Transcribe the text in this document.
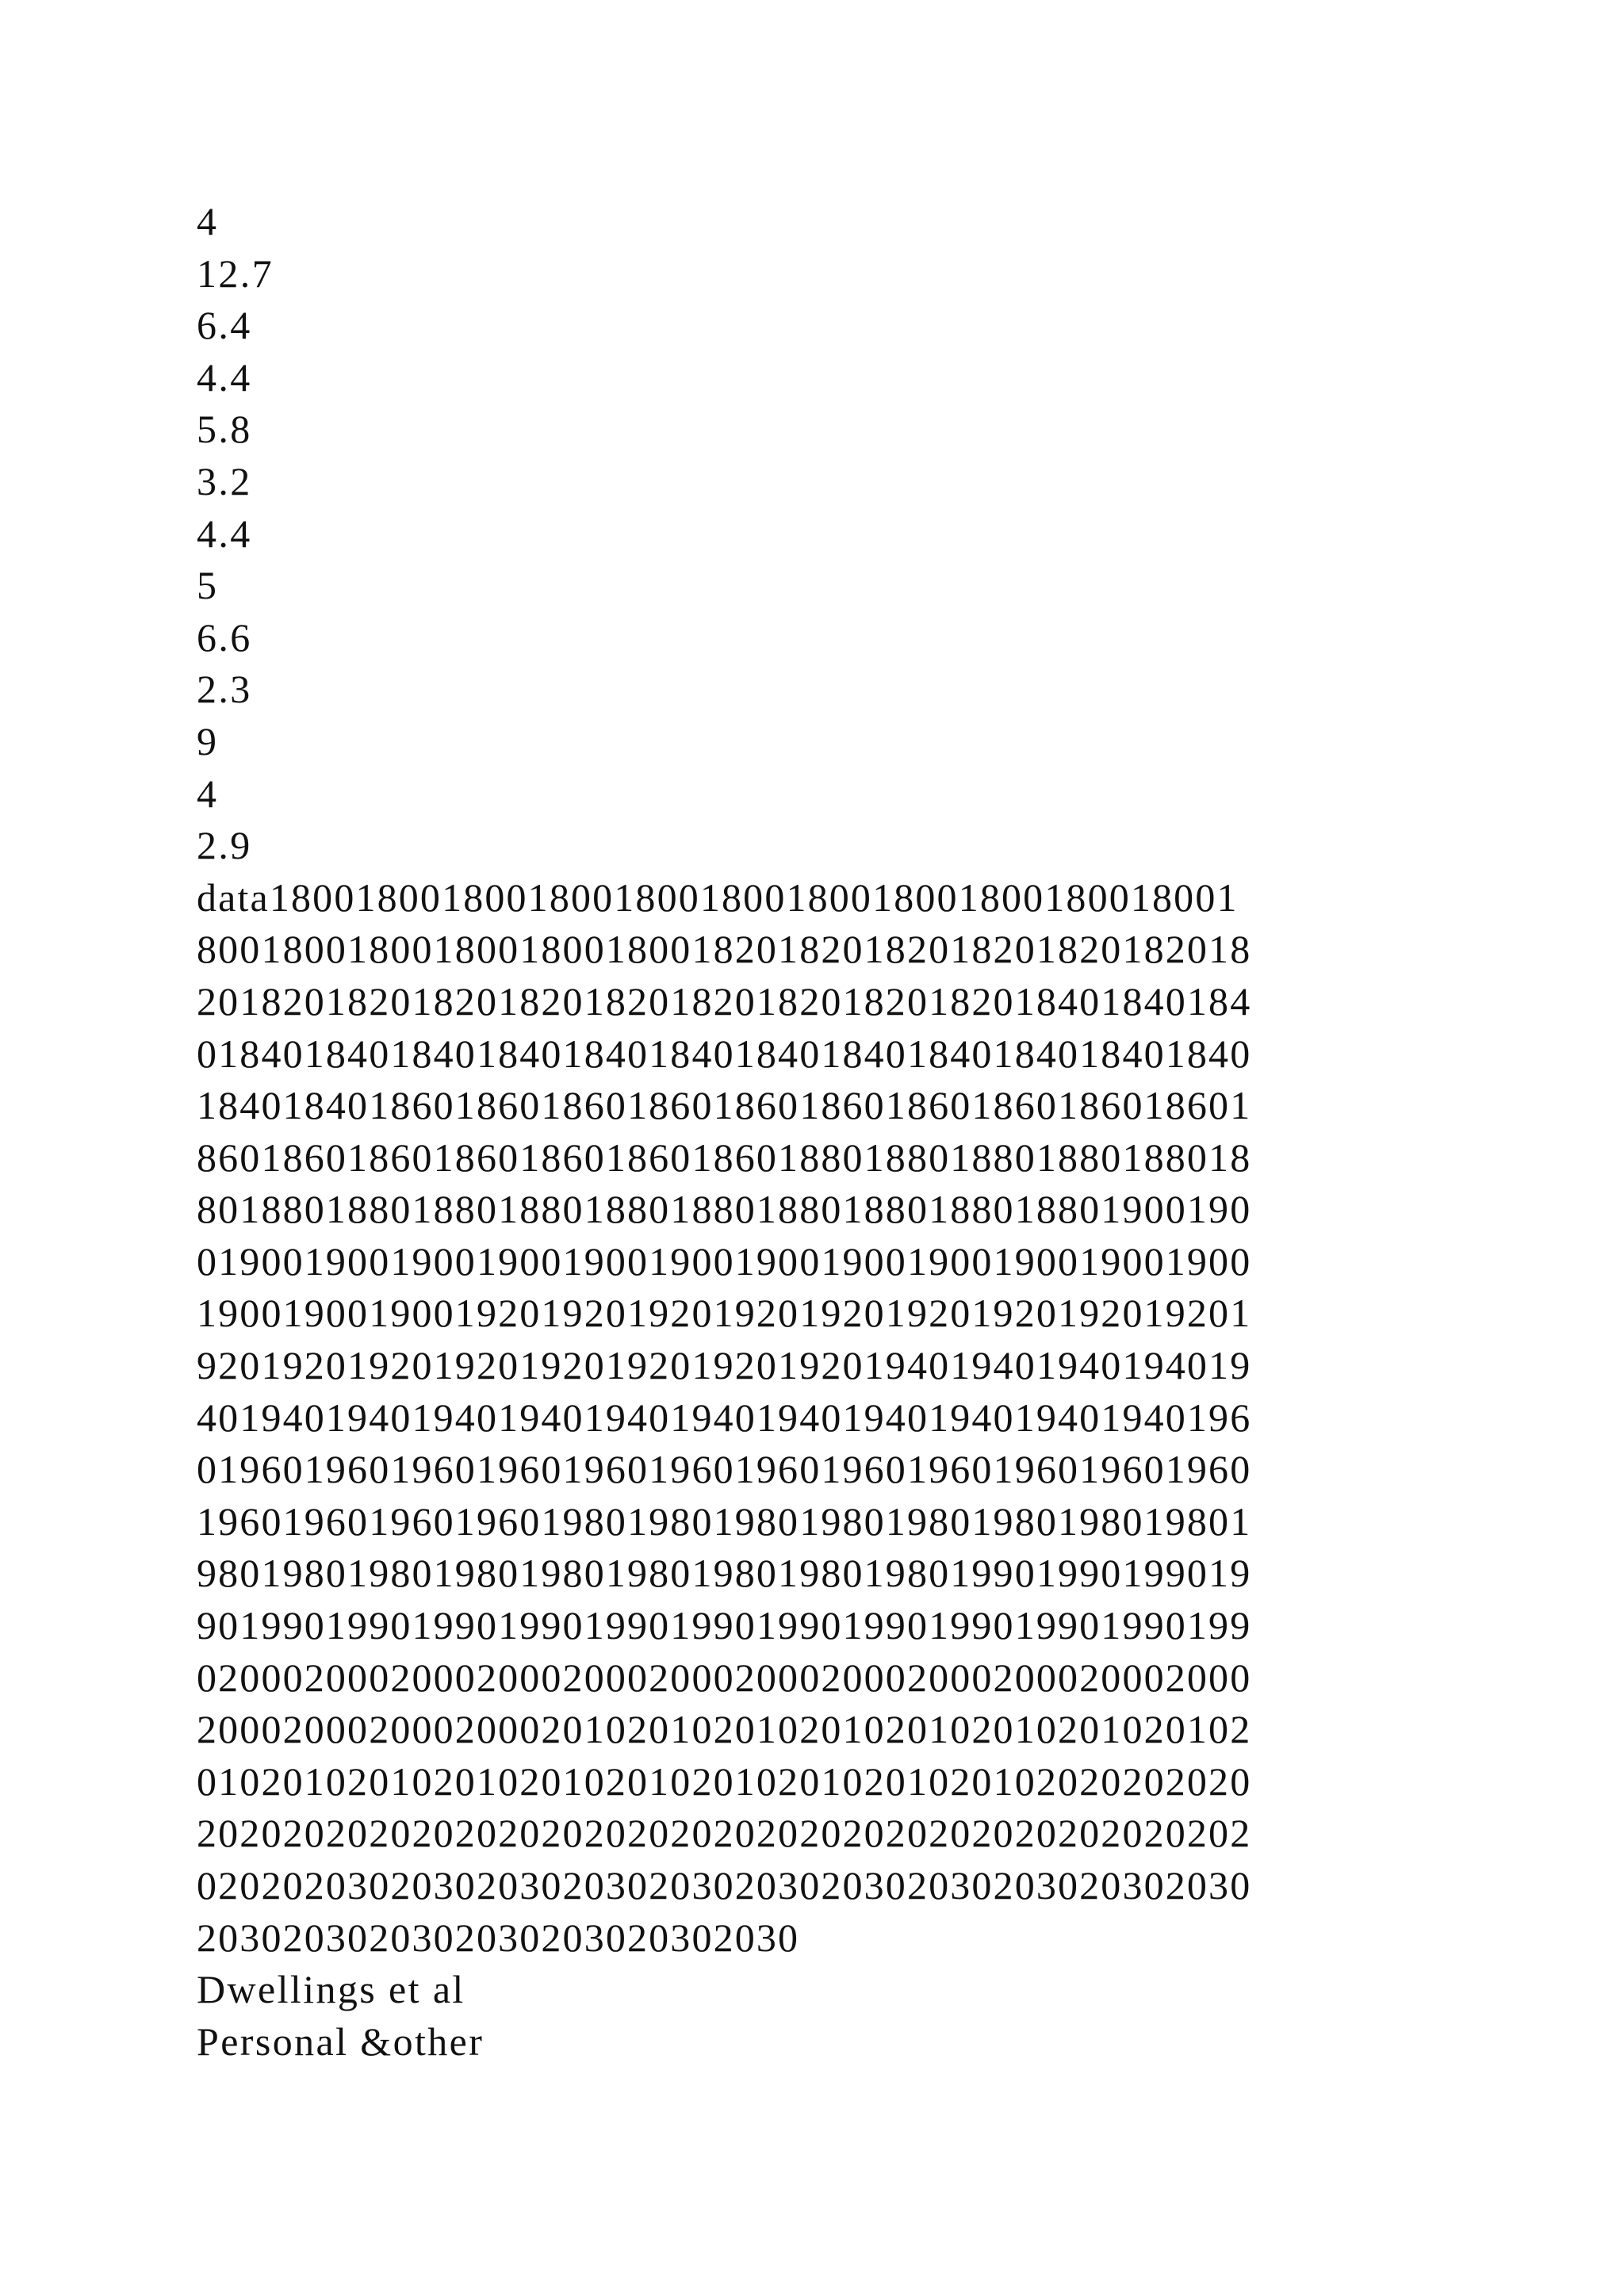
4
12.7
6.4
4.4
5.8
3.2
4.4
5
6.6
2.3
9
4
2.9
data180018001800180018001800180018001800180018001
8001800180018001800180018201820182018201820182018
2018201820182018201820182018201820182018401840184
0184018401840184018401840184018401840184018401840
1840184018601860186018601860186018601860186018601
8601860186018601860186018601880188018801880188018
8018801880188018801880188018801880188018801900190
0190019001900190019001900190019001900190019001900
1900190019001920192019201920192019201920192019201
9201920192019201920192019201920194019401940194019
4019401940194019401940194019401940194019401940196
0196019601960196019601960196019601960196019601960
1960196019601960198019801980198019801980198019801
9801980198019801980198019801980198019901990199019
9019901990199019901990199019901990199019901990199
0200020002000200020002000200020002000200020002000
2000200020002000201020102010201020102010201020102
0102010201020102010201020102010201020102020202020
2020202020202020202020202020202020202020202020202
0202020302030203020302030203020302030203020302030
2030203020302030203020302030
Dwellings et al
Personal &other
